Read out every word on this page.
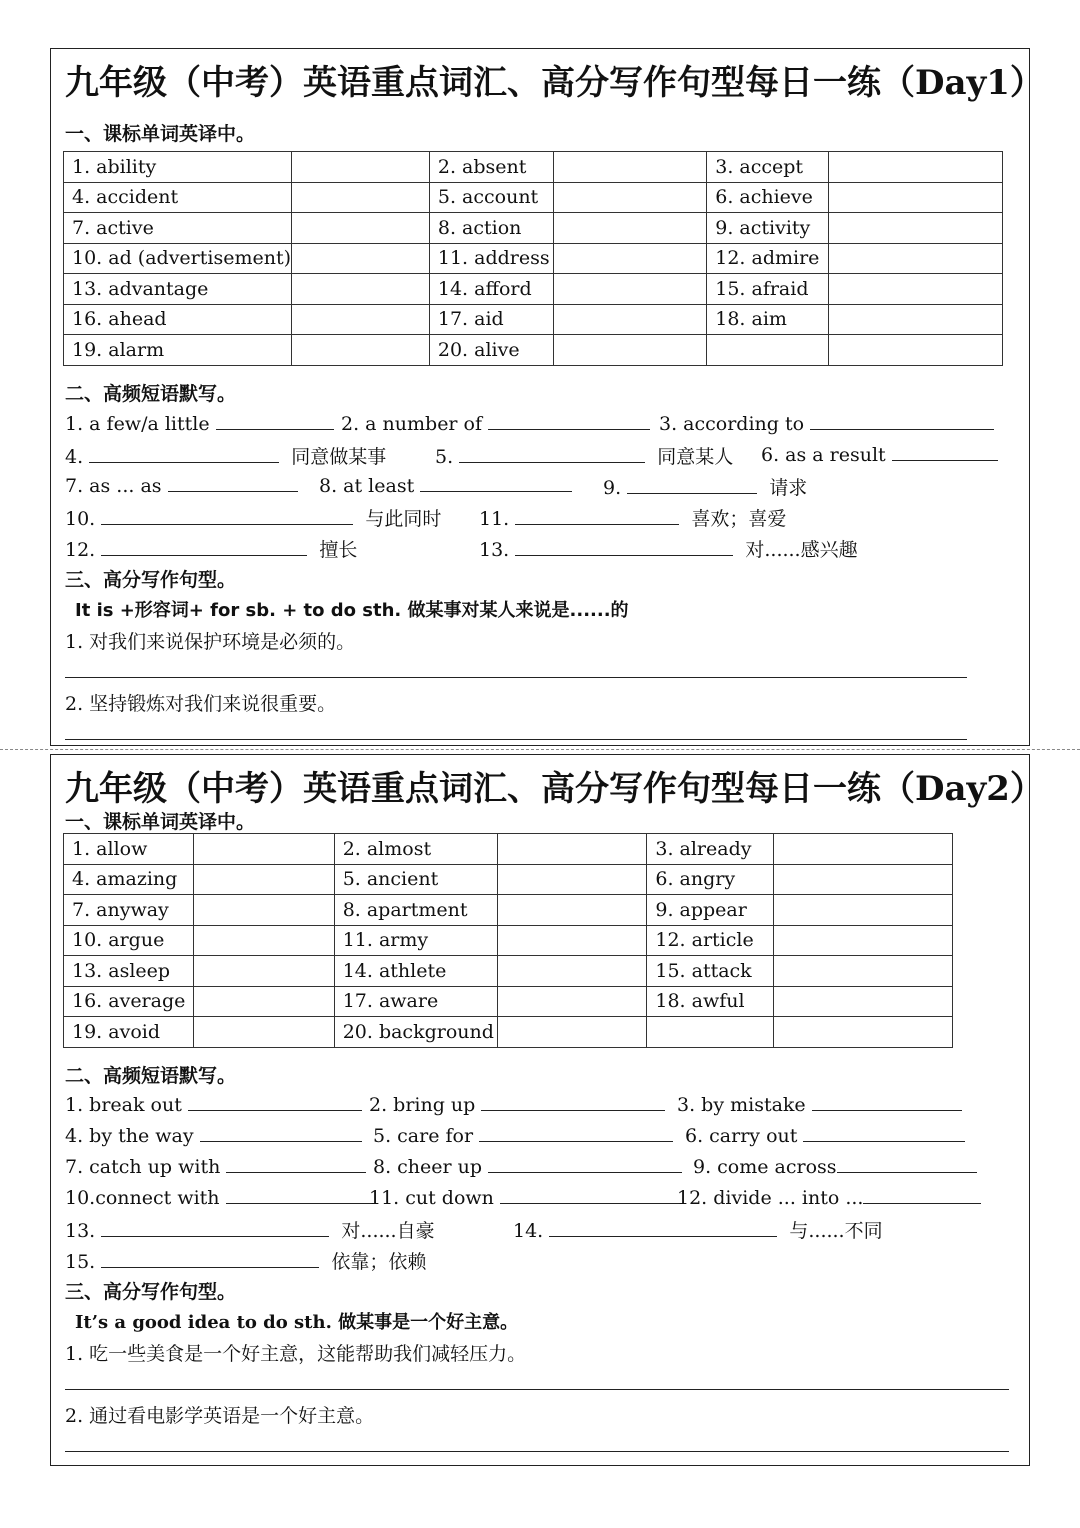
九年级（中考）英语重点词汇、高分写作句型每日一练（Day1）
一、课标单词英译中。
1. ability		2. absent		3. accept	
4. accident		5. account		6. achieve	
7. active		8. action		9. activity	
10. ad (advertisement)		11. address		12. admire	
13. advantage		14. afford		15. afraid	
16. ahead		17. aid		18. aim	
19. alarm		20. alive			
二、高频短语默写。
1. a few/a little	2. a number of	3. according to
4.	同意做某事	5.	同意某人 6. as a result
7. as ... as	8. at least	9.	请求
10.	与此同时 11.	喜欢；喜爱
12.	擅长	13.	对......感兴趣
三、高分写作句型。
It is +形容词+ for sb. + to do sth. 做某事对某人来说是......的
1. 对我们来说保护环境是必须的。
2. 坚持锻炼对我们来说很重要。
九年级（中考）英语重点词汇、高分写作句型每日一练（Day2）
一、课标单词英译中。
1. allow		2. almost		3. already	
4. amazing		5. ancient		6. angry	
7. anyway		8. apartment		9. appear	
10. argue		11. army		12. article	
13. asleep		14. athlete		15. attack	
16. average		17. aware		18. awful	
19. avoid		20. background			
二、高频短语默写。
1. break out	2. bring up	3. by mistake
4. by the way	5. care for	6. carry out
7. catch up with	8. cheer up	9. come across
10.connect with	11. cut down	12. divide ... into ...
13.	对......自豪	14.	与......不同
15.	依靠；依赖
三、高分写作句型。
It’s a good idea to do sth. 做某事是一个好主意。
1. 吃一些美食是一个好主意，这能帮助我们减轻压力。
2. 通过看电影学英语是一个好主意。
